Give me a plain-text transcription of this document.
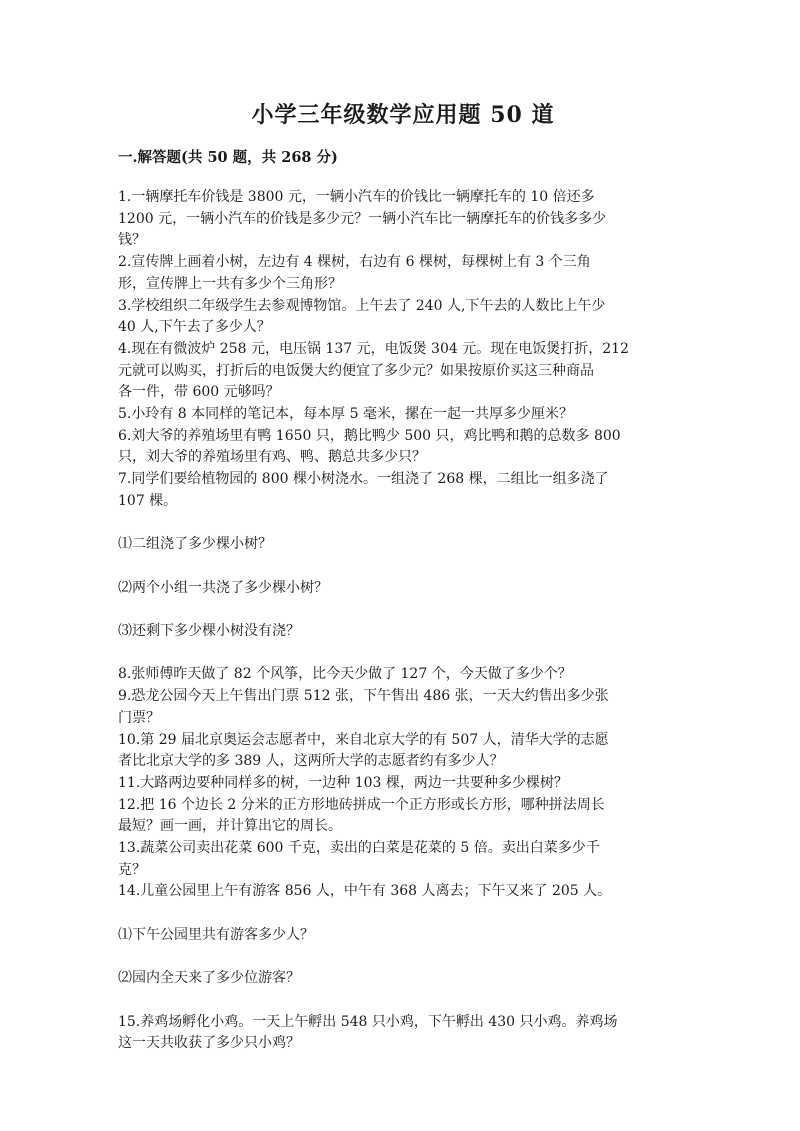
小学三年级数学应用题 50 道
一.解答题(共 50 题，共 268 分)
1.一辆摩托车价钱是 3800 元，一辆小汽车的价钱比一辆摩托车的 10 倍还多
1200 元，一辆小汽车的价钱是多少元？一辆小汽车比一辆摩托车的价钱多多少
钱？
2.宣传牌上画着小树，左边有 4 棵树，右边有 6 棵树，每棵树上有 3 个三角
形，宣传牌上一共有多少个三角形？
3.学校组织二年级学生去参观博物馆。上午去了 240 人,下午去的人数比上午少
40 人,下午去了多少人？
4.现在有微波炉 258 元，电压锅 137 元，电饭煲 304 元。现在电饭煲打折，212
元就可以购买，打折后的电饭煲大约便宜了多少元？如果按原价买这三种商品
各一件，带 600 元够吗？
5.小玲有 8 本同样的笔记本，每本厚 5 毫米，摞在一起一共厚多少厘米？
6.刘大爷的养殖场里有鸭 1650 只，鹅比鸭少 500 只，鸡比鸭和鹅的总数多 800
只，刘大爷的养殖场里有鸡、鸭、鹅总共多少只？
7.同学们要给植物园的 800 棵小树浇水。一组浇了 268 棵，二组比一组多浇了
107 棵。
⑴二组浇了多少棵小树？
⑵两个小组一共浇了多少棵小树？
⑶还剩下多少棵小树没有浇？
8.张师傅昨天做了 82 个风筝，比今天少做了 127 个，今天做了多少个？
9.恐龙公园今天上午售出门票 512 张，下午售出 486 张，一天大约售出多少张
门票？
10.第 29 届北京奥运会志愿者中，来自北京大学的有 507 人，清华大学的志愿
者比北京大学的多 389 人，这两所大学的志愿者约有多少人？
11.大路两边要种同样多的树，一边种 103 棵，两边一共要种多少棵树？
12.把 16 个边长 2 分米的正方形地砖拼成一个正方形或长方形，哪种拼法周长
最短？画一画，并计算出它的周长。
13.蔬菜公司卖出花菜 600 千克，卖出的白菜是花菜的 5 倍。卖出白菜多少千
克？
14.儿童公园里上午有游客 856 人，中午有 368 人离去；下午又来了 205 人。
⑴下午公园里共有游客多少人？
⑵园内全天来了多少位游客？
15.养鸡场孵化小鸡。一天上午孵出 548 只小鸡，下午孵出 430 只小鸡。养鸡场
这一天共收获了多少只小鸡？
